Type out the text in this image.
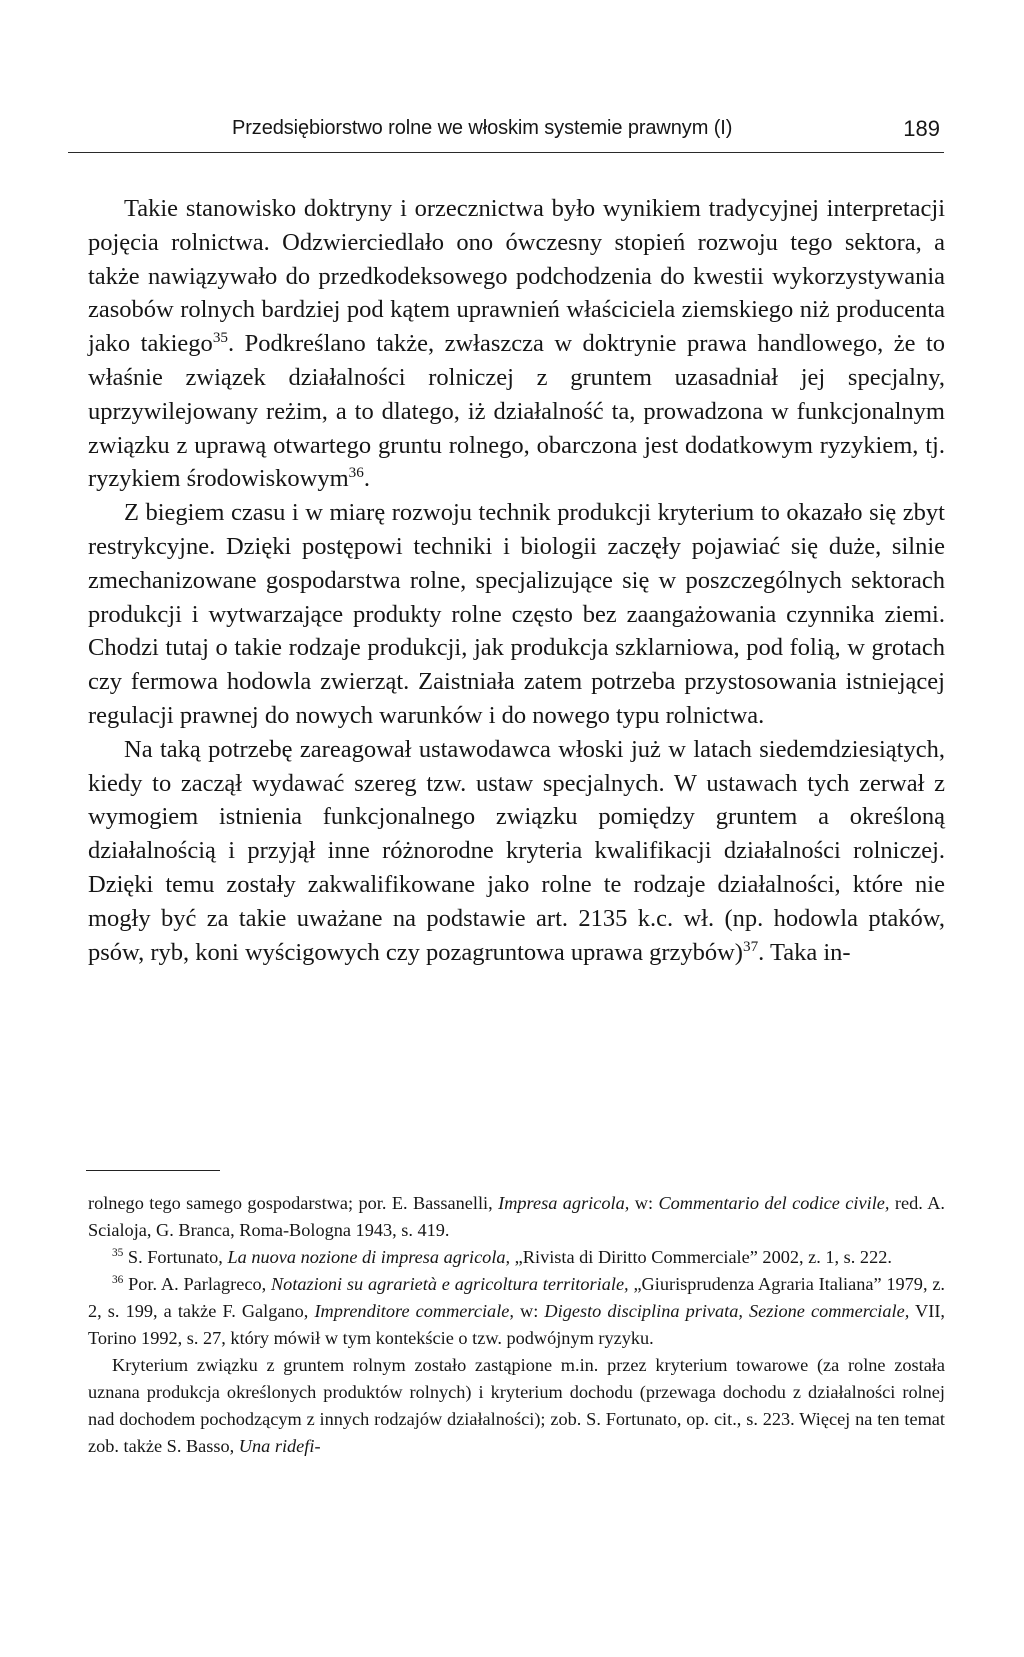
Przedsiębiorstwo rolne we włoskim systemie prawnym (I)	189

Takie stanowisko doktryny i orzecznictwa było wynikiem tradycyjnej interpretacji pojęcia rolnictwa. Odzwierciedlało ono ówczesny stopień rozwoju tego sektora, a także nawiązywało do przedkodeksowego podchodzenia do kwestii wykorzystywania zasobów rolnych bardziej pod kątem uprawnień właściciela ziemskiego niż producenta jako takiego$^{35}$. Podkreślano także, zwłaszcza w doktrynie prawa handlowego, że to właśnie związek działalności rolniczej z gruntem uzasadniał jej specjalny, uprzywilejowany reżim, a to dlatego, iż działalność ta, prowadzona w funkcjonalnym związku z uprawą otwartego gruntu rolnego, obarczona jest dodatkowym ryzykiem, tj. ryzykiem środowiskowym$^{36}$.

Z biegiem czasu i w miarę rozwoju technik produkcji kryterium to okazało się zbyt restrykcyjne. Dzięki postępowi techniki i biologii zaczęły pojawiać się duże, silnie zmechanizowane gospodarstwa rolne, specjalizujące się w poszczególnych sektorach produkcji i wytwarzające produkty rolne często bez zaangażowania czynnika ziemi. Chodzi tutaj o takie rodzaje produkcji, jak produkcja szklarniowa, pod folią, w grotach czy fermowa hodowla zwierząt. Zaistniała zatem potrzeba przystosowania istniejącej regulacji prawnej do nowych warunków i do nowego typu rolnictwa.

Na taką potrzebę zareagował ustawodawca włoski już w latach siedemdziesiątych, kiedy to zaczął wydawać szereg tzw. ustaw specjalnych. W ustawach tych zerwał z wymogiem istnienia funkcjonalnego związku pomiędzy gruntem a określoną działalnością i przyjął inne różnorodne kryteria kwalifikacji działalności rolniczej. Dzięki temu zostały zakwalifikowane jako rolne te rodzaje działalności, które nie mogły być za takie uważane na podstawie art. 2135 k.c. wł. (np. hodowla ptaków, psów, ryb, koni wyścigowych czy pozagruntowa uprawa grzybów)$^{37}$. Taka in-

rolnego tego samego gospodarstwa; por. E. Bassanelli, Impresa agricola, w: Commentario del codice civile, red. A. Scialoja, G. Branca, Roma-Bologna 1943, s. 419.

$^{35}$ S. Fortunato, La nuova nozione di impresa agricola, „Rivista di Diritto Commerciale” 2002, z. 1, s. 222.

$^{36}$ Por. A. Parlagreco, Notazioni su agrarietà e agricoltura territoriale, „Giurisprudenza Agraria Italiana” 1979, z. 2, s. 199, a także F. Galgano, Imprenditore commerciale, w: Digesto disciplina privata, Sezione commerciale, VII, Torino 1992, s. 27, który mówił w tym kontekście o tzw. podwójnym ryzyku.

Kryterium związku z gruntem rolnym zostało zastąpione m.in. przez kryterium towarowe (za rolne została uznana produkcja określonych produktów rolnych) i kryterium dochodu (przewaga dochodu z działalności rolnej nad dochodem pochodzącym z innych rodzajów działalności); zob. S. Fortunato, op. cit., s. 223. Więcej na ten temat zob. także S. Basso, Una ridefi-
